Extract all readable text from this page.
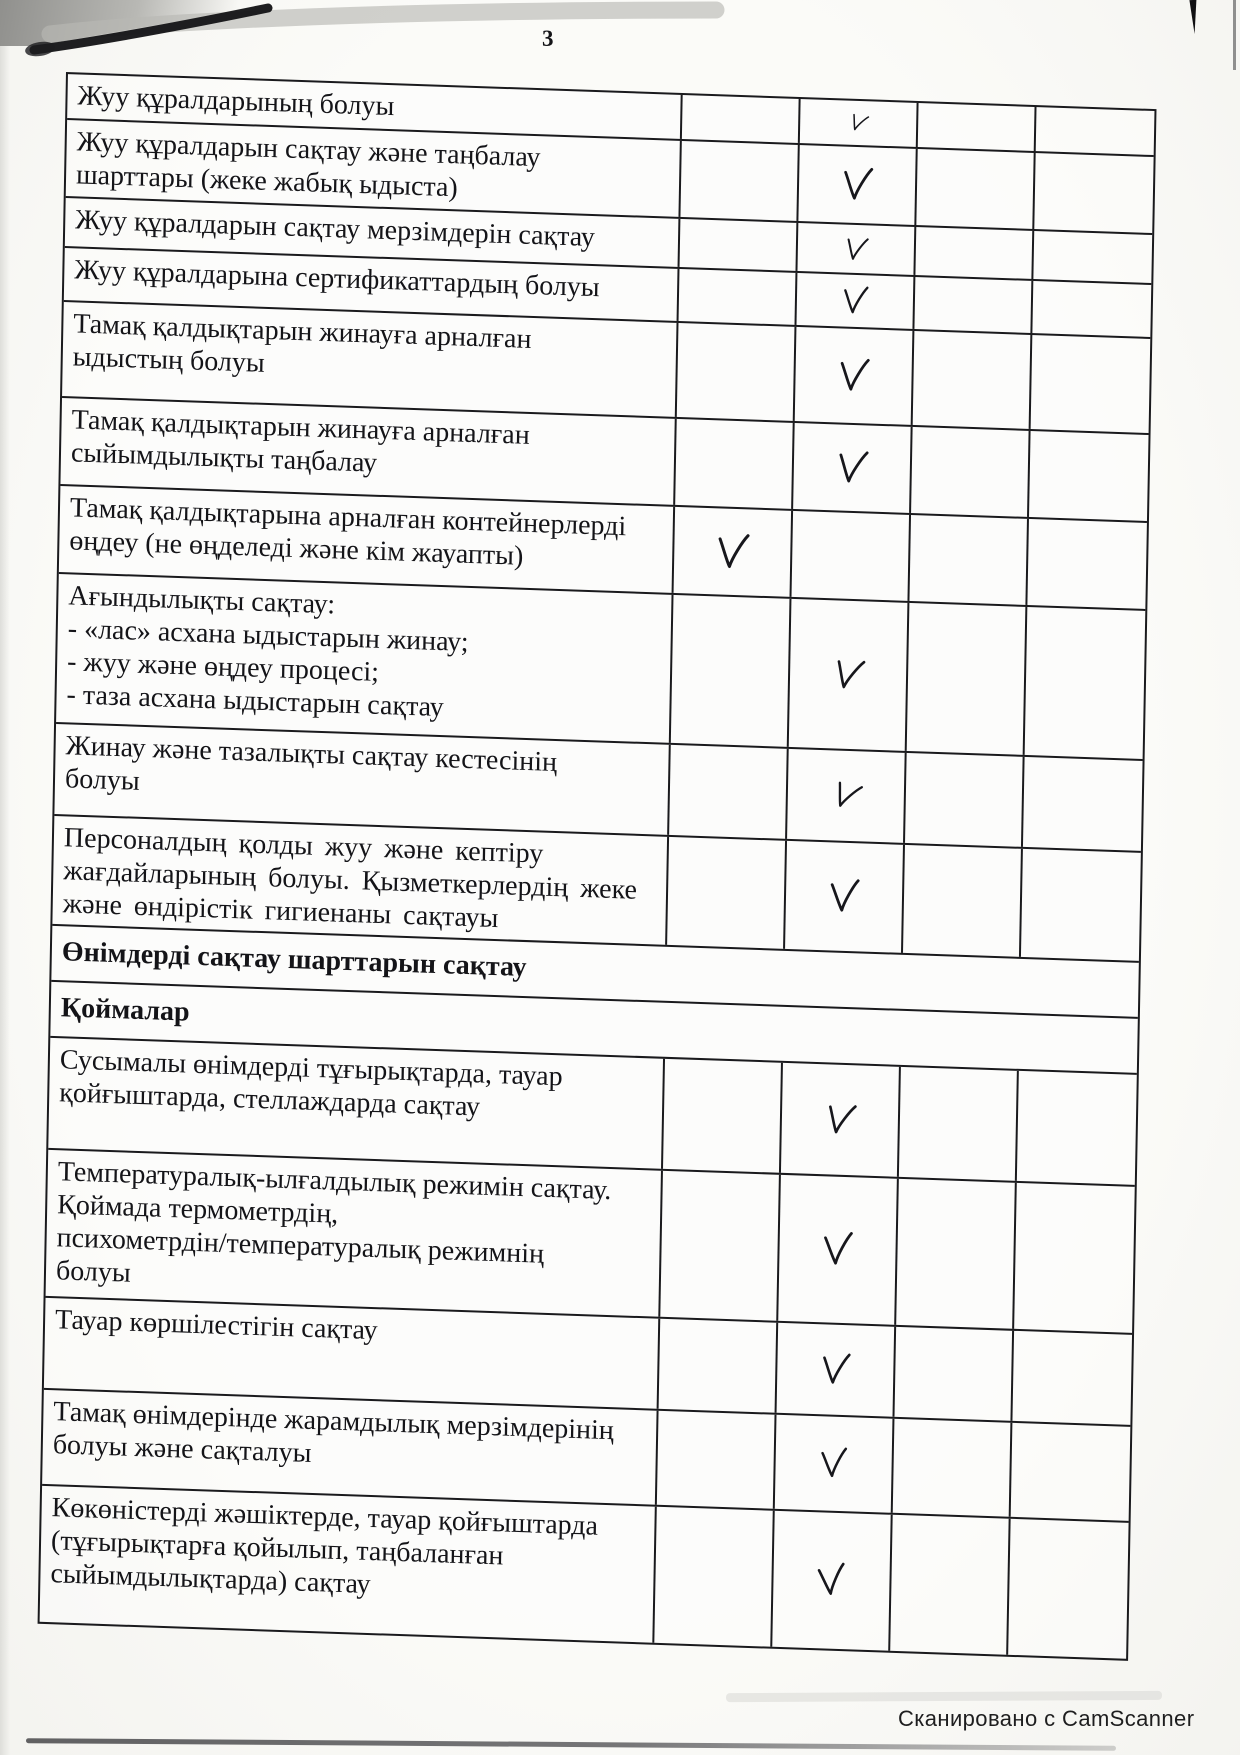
3
Жуу құралдарының болуы
Жуу құралдарын сақтау және таңбалау
шарттары (жеке жабық ыдыста)
Жуу құралдарын сақтау мерзімдерін сақтау
Жуу құралдарына сертификаттардың болуы
Тамақ қалдықтарын жинауға арналған
ыдыстың болуы
Тамақ қалдықтарын жинауға арналған
сыйымдылықты таңбалау
Тамақ қалдықтарына арналған контейнерлерді
өңдеу (не өңделеді және кім жауапты)
Ағындылықты сақтау:
- «лас» асхана ыдыстарын жинау;
- жуу және өңдеу процесі;
- таза асхана ыдыстарын сақтау
Жинау және тазалықты сақтау кестесінің
болуы
Персоналдың қолды жуу және кептіру
жағдайларының болуы. Қызметкерлердің жеке
және өндірістік гигиенаны сақтауы
Өнімдерді сақтау шарттарын сақтау
Қоймалар
Сусымалы өнімдерді тұғырықтарда, тауар
қойғыштарда, стеллаждарда сақтау
Температуралық-ылғалдылық режимін сақтау.
Қоймада термометрдің,
психометрдін/температуралық режимнің
болуы
Тауар көршілестігін сақтау
Тамақ өнімдерінде жарамдылық мерзімдерінің
болуы және сақталуы
Көкөністерді жәшіктерде, тауар қойғыштарда
(тұғырықтарға қойылып, таңбаланған
сыйымдылықтарда) сақтау
Сканировано с CamScanner
